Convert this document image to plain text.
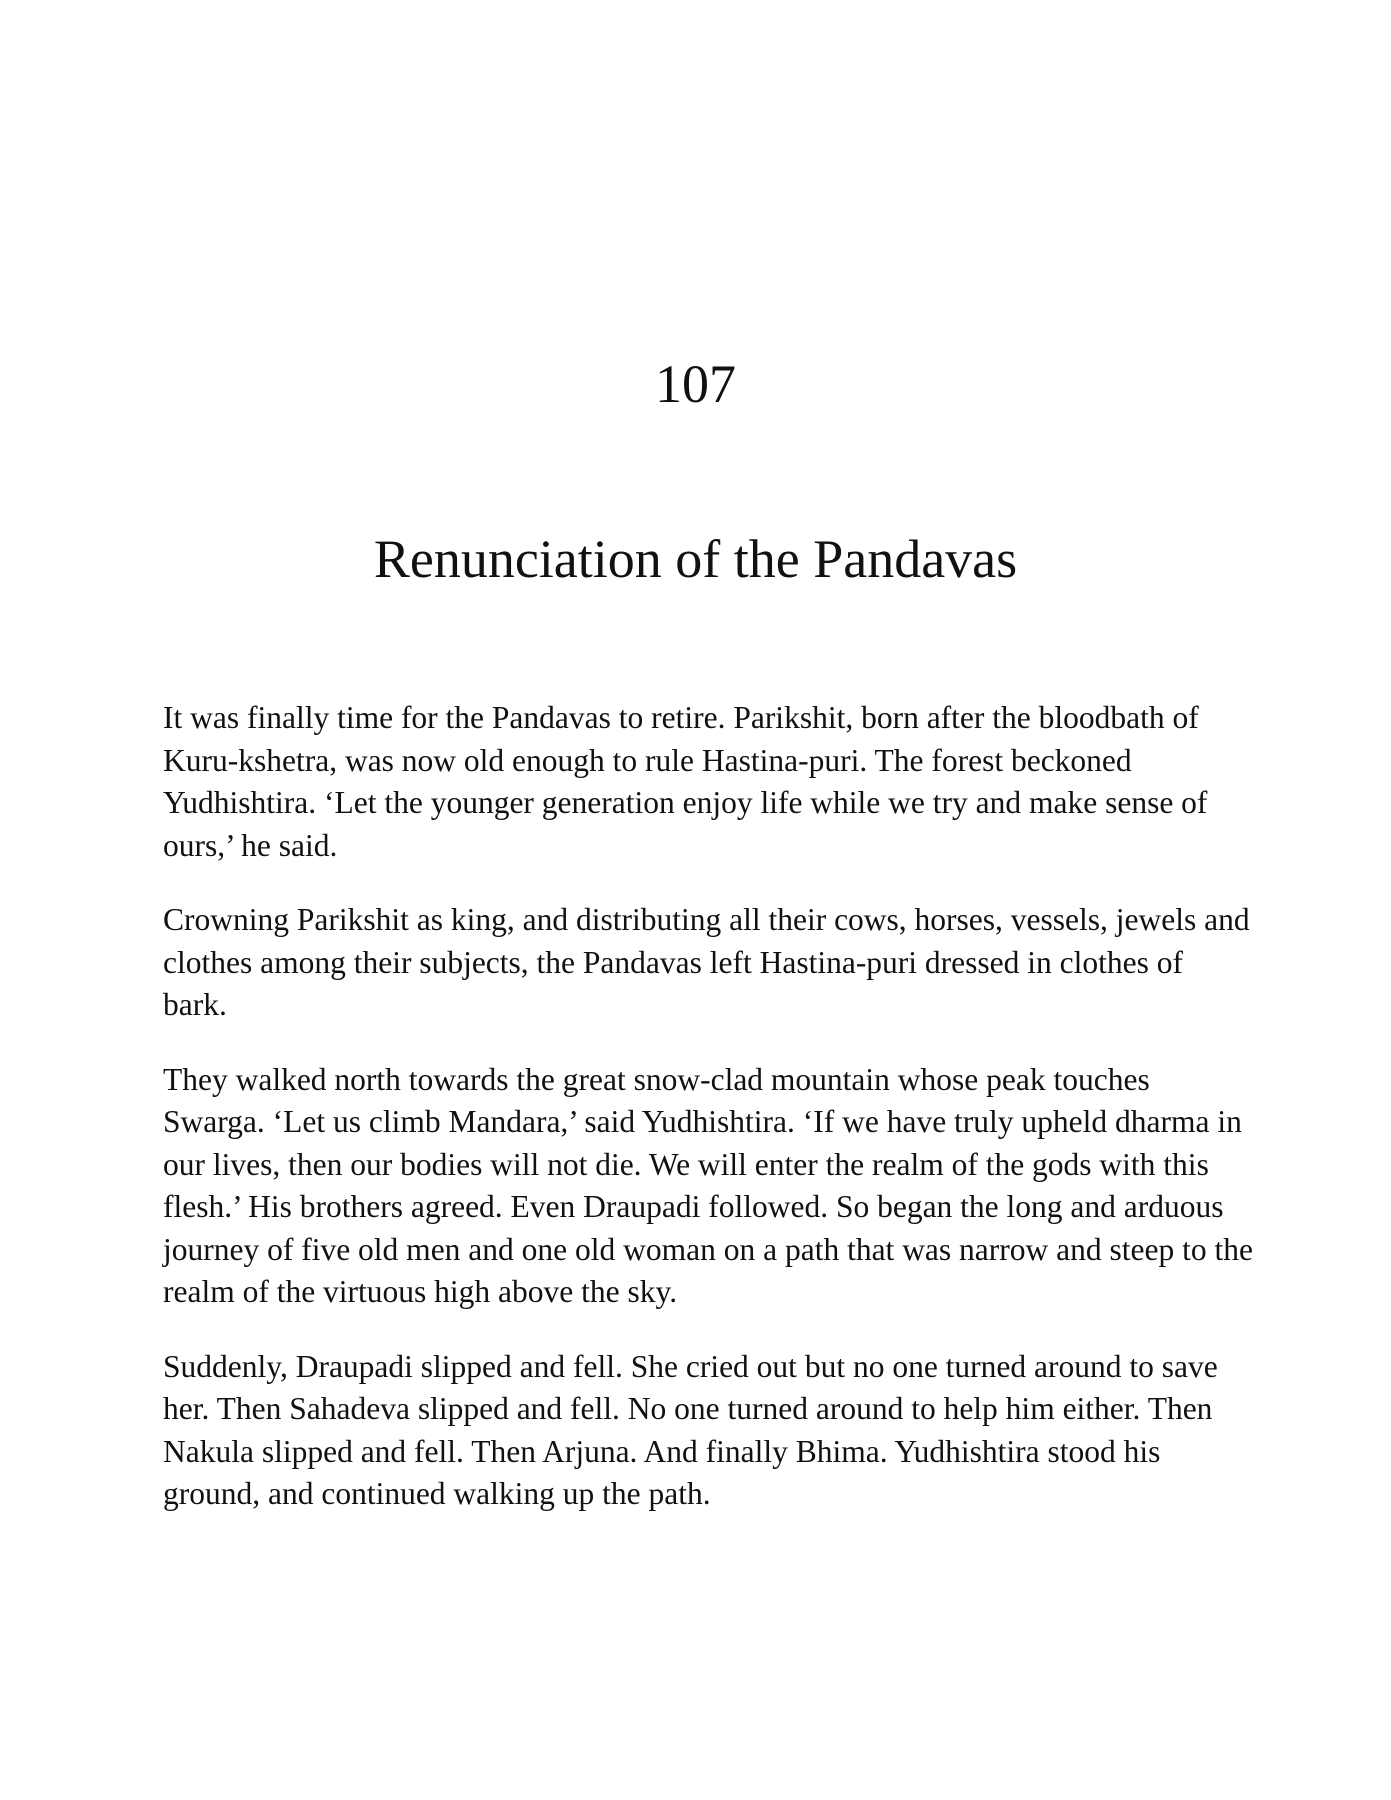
107
Renunciation of the Pandavas

It was finally time for the Pandavas to retire. Parikshit, born after the bloodbath of Kuru-kshetra, was now old enough to rule Hastina-puri. The forest beckoned Yudhishtira. ‘Let the younger generation enjoy life while we try and make sense of ours,’ he said.

Crowning Parikshit as king, and distributing all their cows, horses, vessels, jewels and clothes among their subjects, the Pandavas left Hastina-puri dressed in clothes of bark.

They walked north towards the great snow-clad mountain whose peak touches Swarga. ‘Let us climb Mandara,’ said Yudhishtira. ‘If we have truly upheld dharma in our lives, then our bodies will not die. We will enter the realm of the gods with this flesh.’ His brothers agreed. Even Draupadi followed. So began the long and arduous journey of five old men and one old woman on a path that was narrow and steep to the realm of the virtuous high above the sky.

Suddenly, Draupadi slipped and fell. She cried out but no one turned around to save her. Then Sahadeva slipped and fell. No one turned around to help him either. Then Nakula slipped and fell. Then Arjuna. And finally Bhima. Yudhishtira stood his ground, and continued walking up the path.
